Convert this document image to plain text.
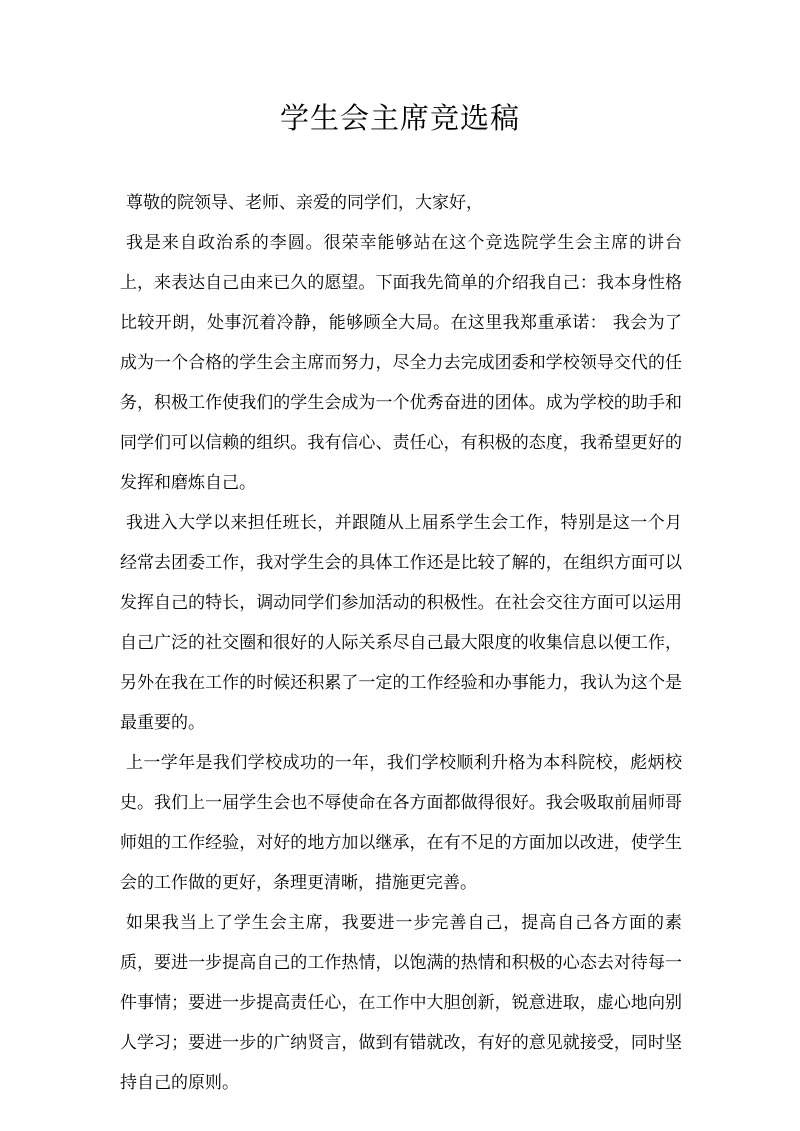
学生会主席竞选稿

尊敬的院领导、老师、亲爱的同学们，大家好，

我是来自政治系的李圆。很荣幸能够站在这个竞选院学生会主席的讲台上，来表达自己由来已久的愿望。下面我先简单的介绍我自己：我本身性格比较开朗，处事沉着冷静，能够顾全大局。在这里我郑重承诺： 我会为了成为一个合格的学生会主席而努力，尽全力去完成团委和学校领导交代的任务，积极工作使我们的学生会成为一个优秀奋进的团体。成为学校的助手和同学们可以信赖的组织。我有信心、责任心，有积极的态度，我希望更好的发挥和磨炼自己。

我进入大学以来担任班长，并跟随从上届系学生会工作，特别是这一个月经常去团委工作，我对学生会的具体工作还是比较了解的，在组织方面可以发挥自己的特长，调动同学们参加活动的积极性。在社会交往方面可以运用自己广泛的社交圈和很好的人际关系尽自己最大限度的收集信息以便工作，另外在我在工作的时候还积累了一定的工作经验和办事能力，我认为这个是最重要的。

上一学年是我们学校成功的一年，我们学校顺利升格为本科院校，彪炳校史。我们上一届学生会也不辱使命在各方面都做得很好。我会吸取前届师哥师姐的工作经验，对好的地方加以继承，在有不足的方面加以改进，使学生会的工作做的更好，条理更清晰，措施更完善。

如果我当上了学生会主席，我要进一步完善自己，提高自己各方面的素质，要进一步提高自己的工作热情，以饱满的热情和积极的心态去对待每一件事情；要进一步提高责任心，在工作中大胆创新，锐意进取，虚心地向别人学习；要进一步的广纳贤言，做到有错就改，有好的意见就接受，同时坚持自己的原则。
